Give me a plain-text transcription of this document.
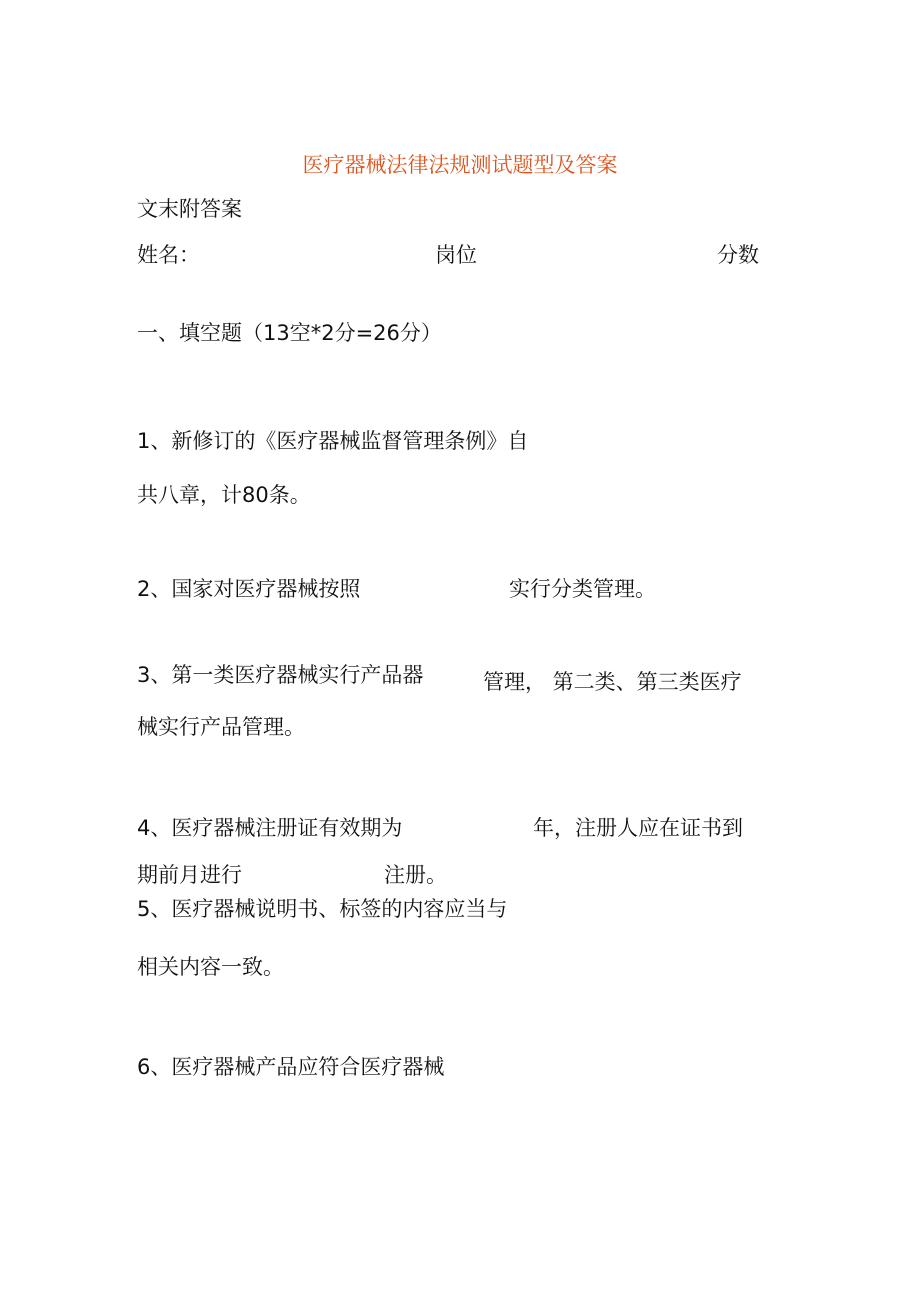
医疗器械法律法规测试题型及答案
文末附答案
姓名：	岗位	分数
一、填空题（13空*2分=26分）
1、新修订的《医疗器械监督管理条例》自
共八章，计80条。
2、国家对医疗器械按照	实行分类管理。
3、第一类医疗器械实行产品器	管理， 第二类、第三类医疗
械实行产品管理。
4、医疗器械注册证有效期为	年，注册人应在证书到
期前月进行	注册。
5、医疗器械说明书、标签的内容应当与
相关内容一致。
6、医疗器械产品应符合医疗器械
